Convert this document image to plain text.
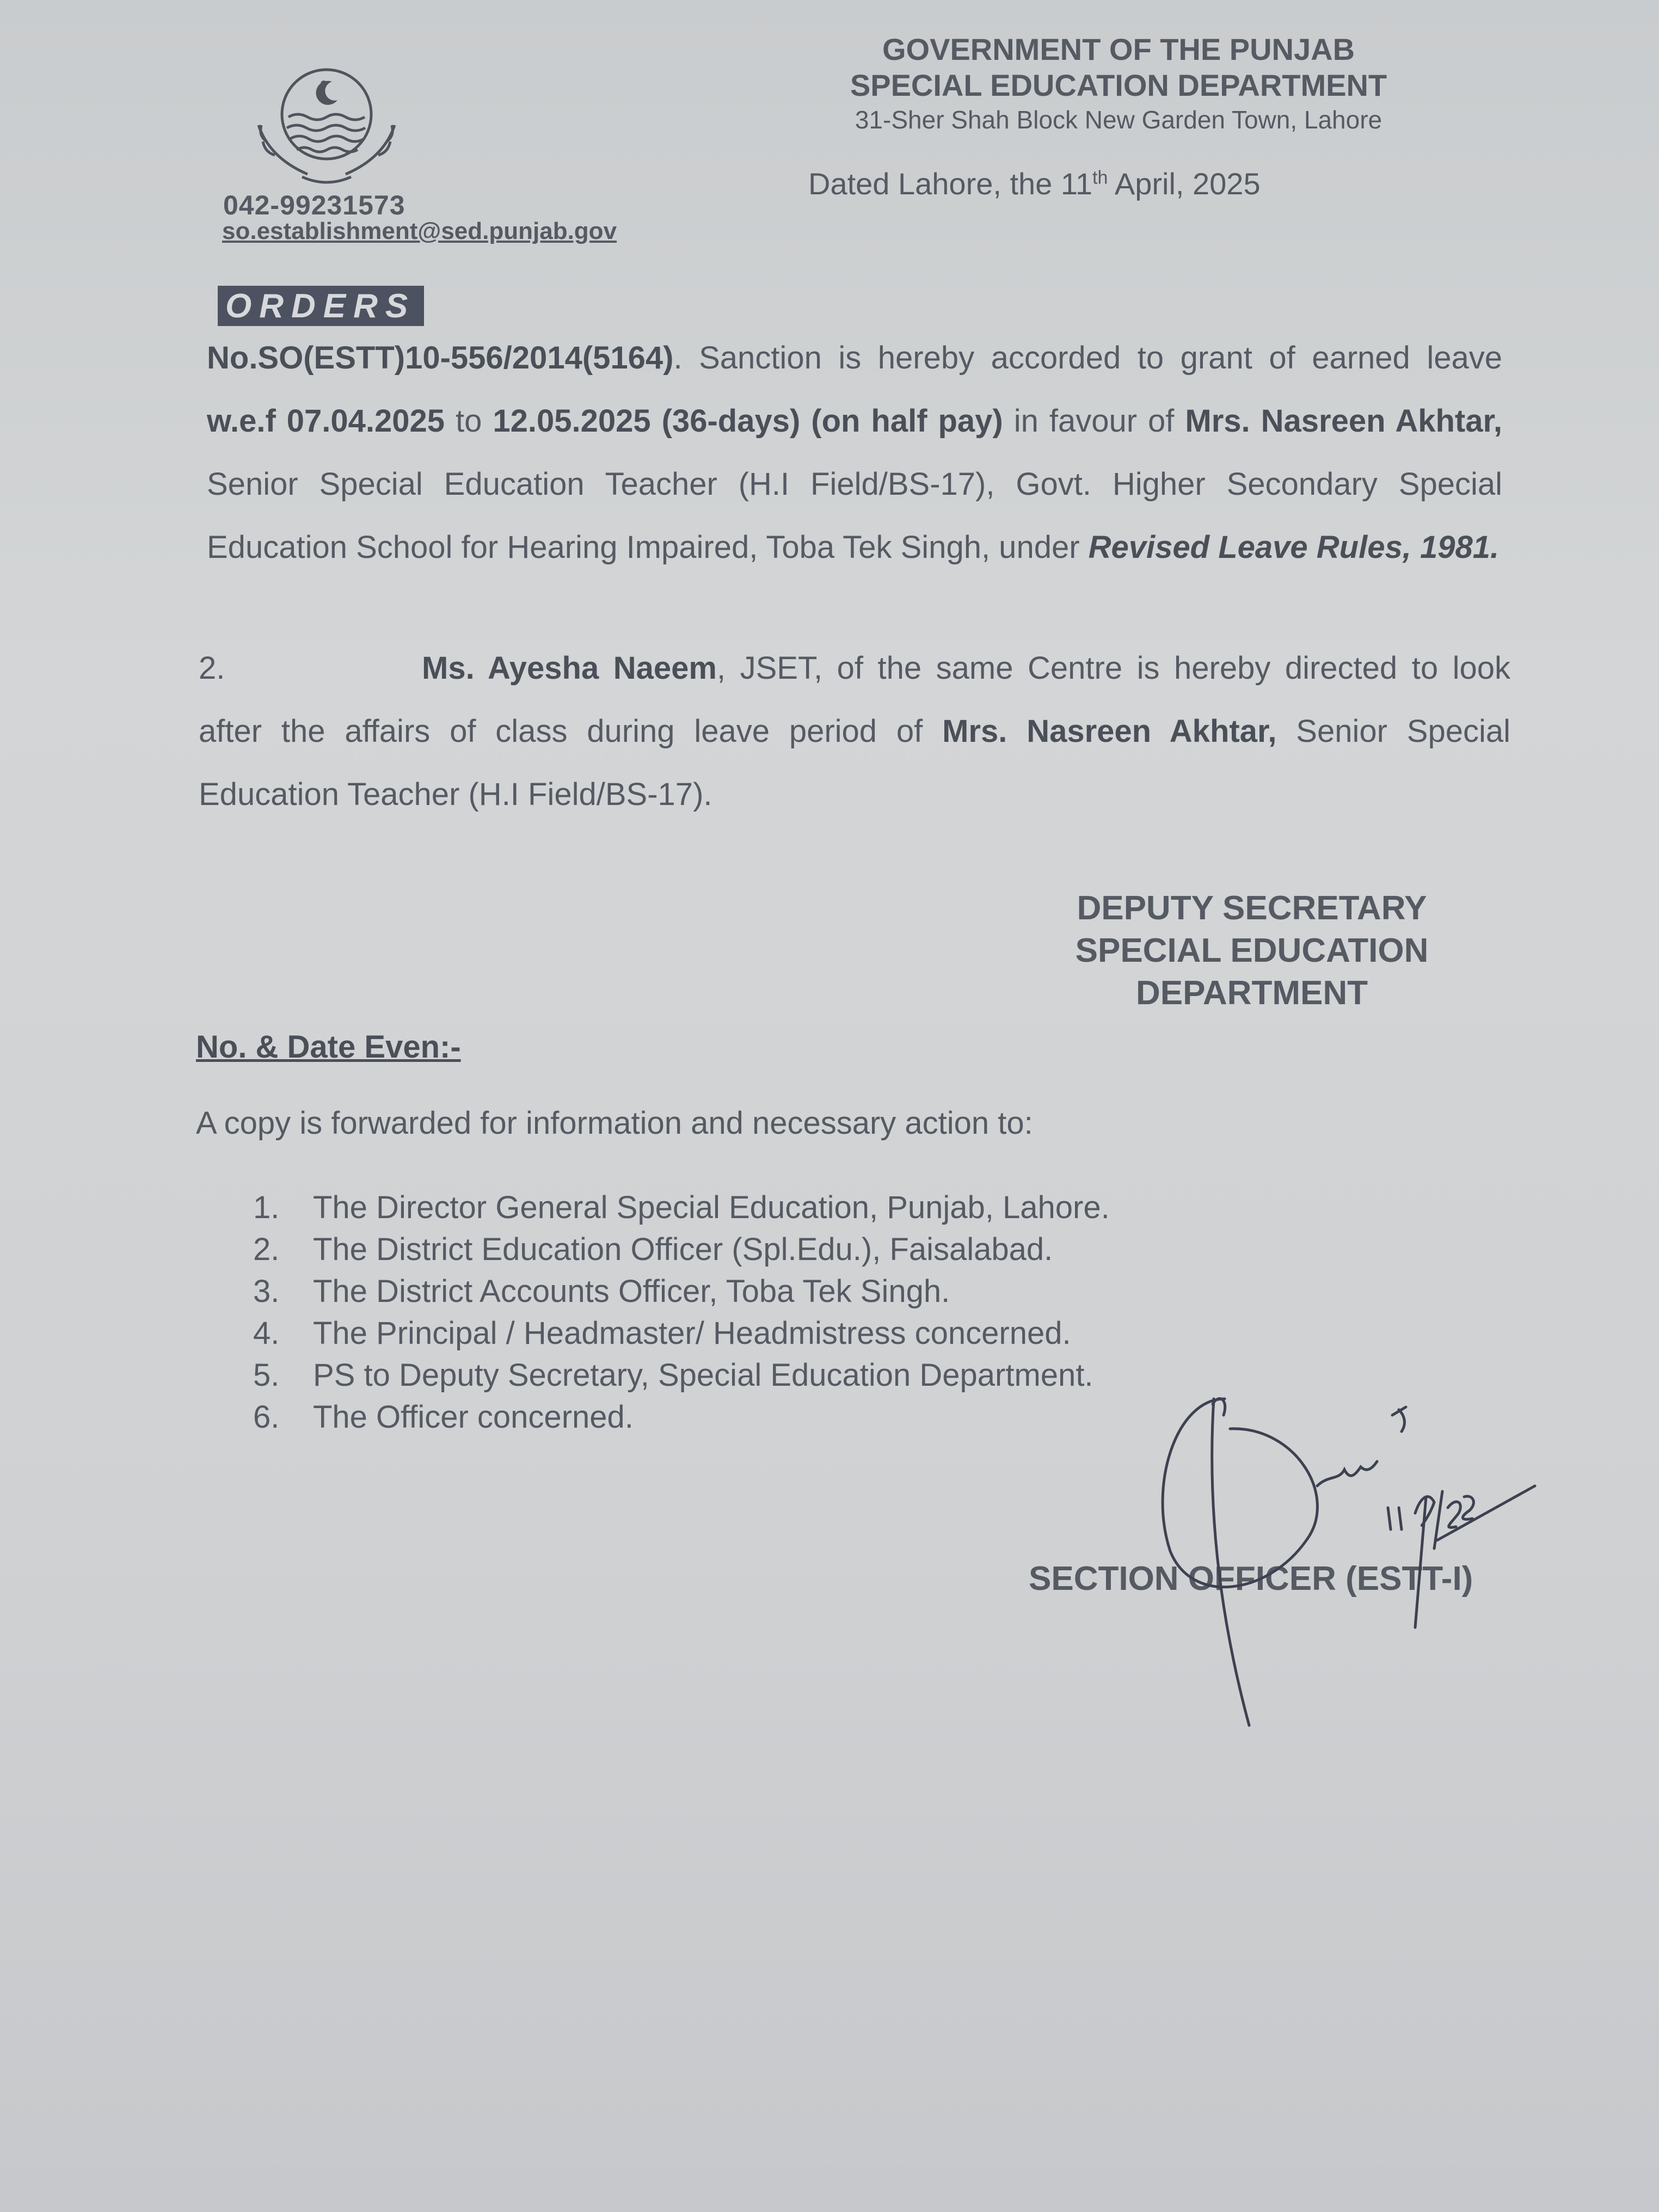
042-99231573
so.establishment@sed.punjab.gov
GOVERNMENT OF THE PUNJAB
SPECIAL EDUCATION DEPARTMENT
31-Sher Shah Block New Garden Town, Lahore
Dated Lahore, the 11th April, 2025
ORDERS
No.SO(ESTT)10-556/2014(5164). Sanction is hereby accorded to grant of earned leave w.e.f 07.04.2025 to 12.05.2025 (36-days) (on half pay) in favour of Mrs. Nasreen Akhtar, Senior Special Education Teacher (H.I Field/BS-17), Govt. Higher Secondary Special Education School for Hearing Impaired, Toba Tek Singh, under Revised Leave Rules, 1981.
2.	Ms. Ayesha Naeem, JSET, of the same Centre is hereby directed to look after the affairs of class during leave period of Mrs. Nasreen Akhtar, Senior Special Education Teacher (H.I Field/BS-17).
DEPUTY SECRETARY
SPECIAL EDUCATION
DEPARTMENT
No. & Date Even:-
A copy is forwarded for information and necessary action to:
1. The Director General Special Education, Punjab, Lahore.
2. The District Education Officer (Spl.Edu.), Faisalabad.
3. The District Accounts Officer, Toba Tek Singh.
4. The Principal / Headmaster/ Headmistress concerned.
5. PS to Deputy Secretary, Special Education Department.
6. The Officer concerned.
SECTION OFFICER (ESTT-I)
